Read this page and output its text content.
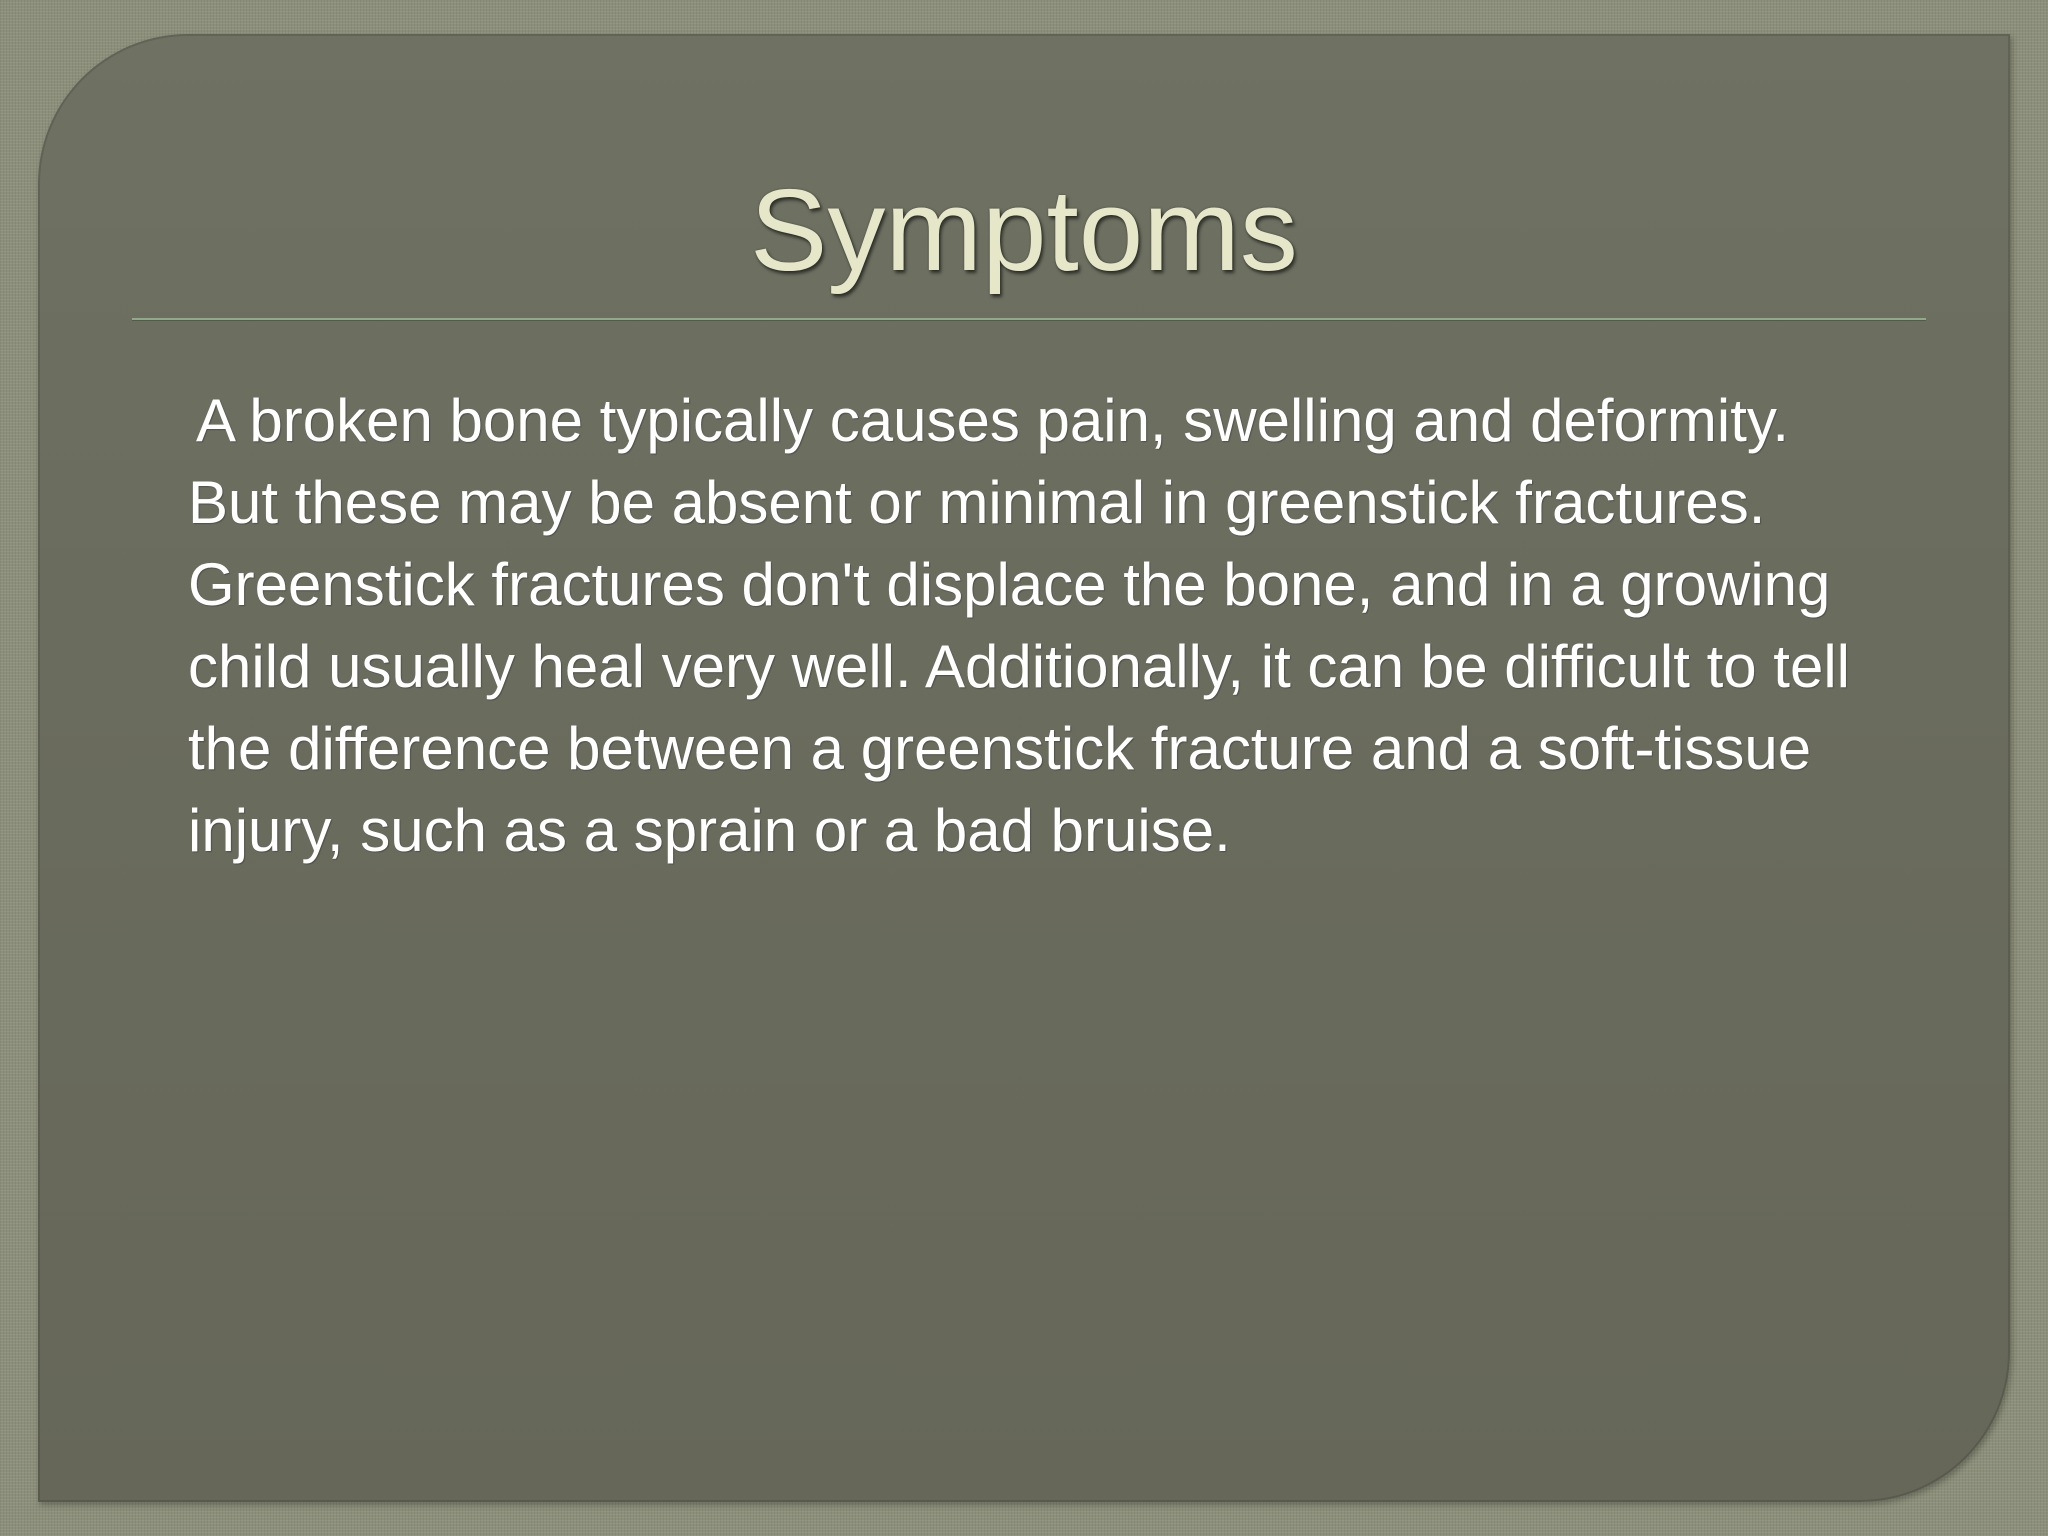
Symptoms

A broken bone typically causes pain, swelling and deformity. But these may be absent or minimal in greenstick fractures. Greenstick fractures don't displace the bone, and in a growing child usually heal very well. Additionally, it can be difficult to tell the difference between a greenstick fracture and a soft-tissue injury, such as a sprain or a bad bruise.
